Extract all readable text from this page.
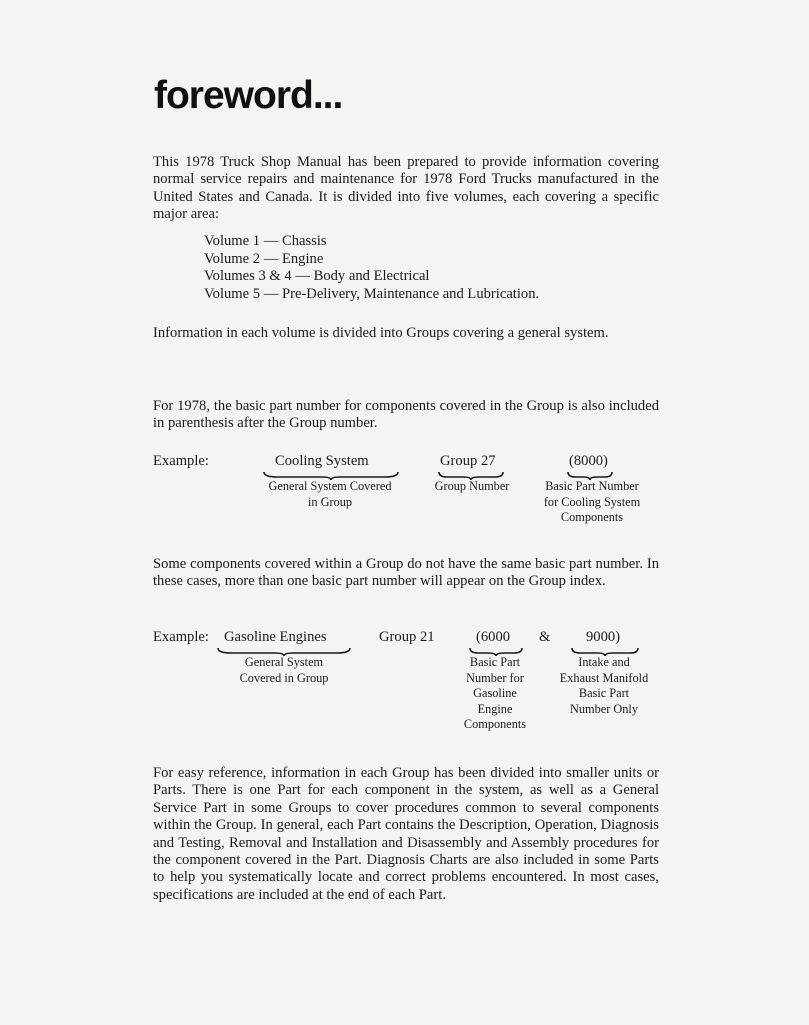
foreword...
This 1978 Truck Shop Manual has been prepared to provide information covering normal service repairs and maintenance for 1978 Ford Trucks manufactured in the United States and Canada. It is divided into five volumes, each covering a specific major area:
Volume 1 — Chassis
Volume 2 — Engine
Volumes 3 & 4 — Body and Electrical
Volume 5 — Pre-Delivery, Maintenance and Lubrication.
Information in each volume is divided into Groups covering a general system.
For 1978, the basic part number for components covered in the Group is also included in parenthesis after the Group number.
Example:	Cooling System
General System Covered
in Group
Group 27
Group Number
(8000)
Basic Part Number
for Cooling System
Components
Some components covered within a Group do not have the same basic part number. In these cases, more than one basic part number will appear on the Group index.
Example: Gasoline Engines
General System
Covered in Group
Group 21	(6000
Basic Part
Number for
Gasoline
Engine
Components
& 9000)
Intake and
Exhaust Manifold
Basic Part
Number Only
For easy reference, information in each Group has been divided into smaller units or Parts. There is one Part for each component in the system, as well as a General Service Part in some Groups to cover procedures common to several components within the Group. In general, each Part contains the Description, Operation, Diagnosis and Testing, Removal and Installation and Disassembly and Assembly procedures for the component covered in the Part. Diagnosis Charts are also included in some Parts to help you systematically locate and correct problems encountered. In most cases, specifications are included at the end of each Part.
